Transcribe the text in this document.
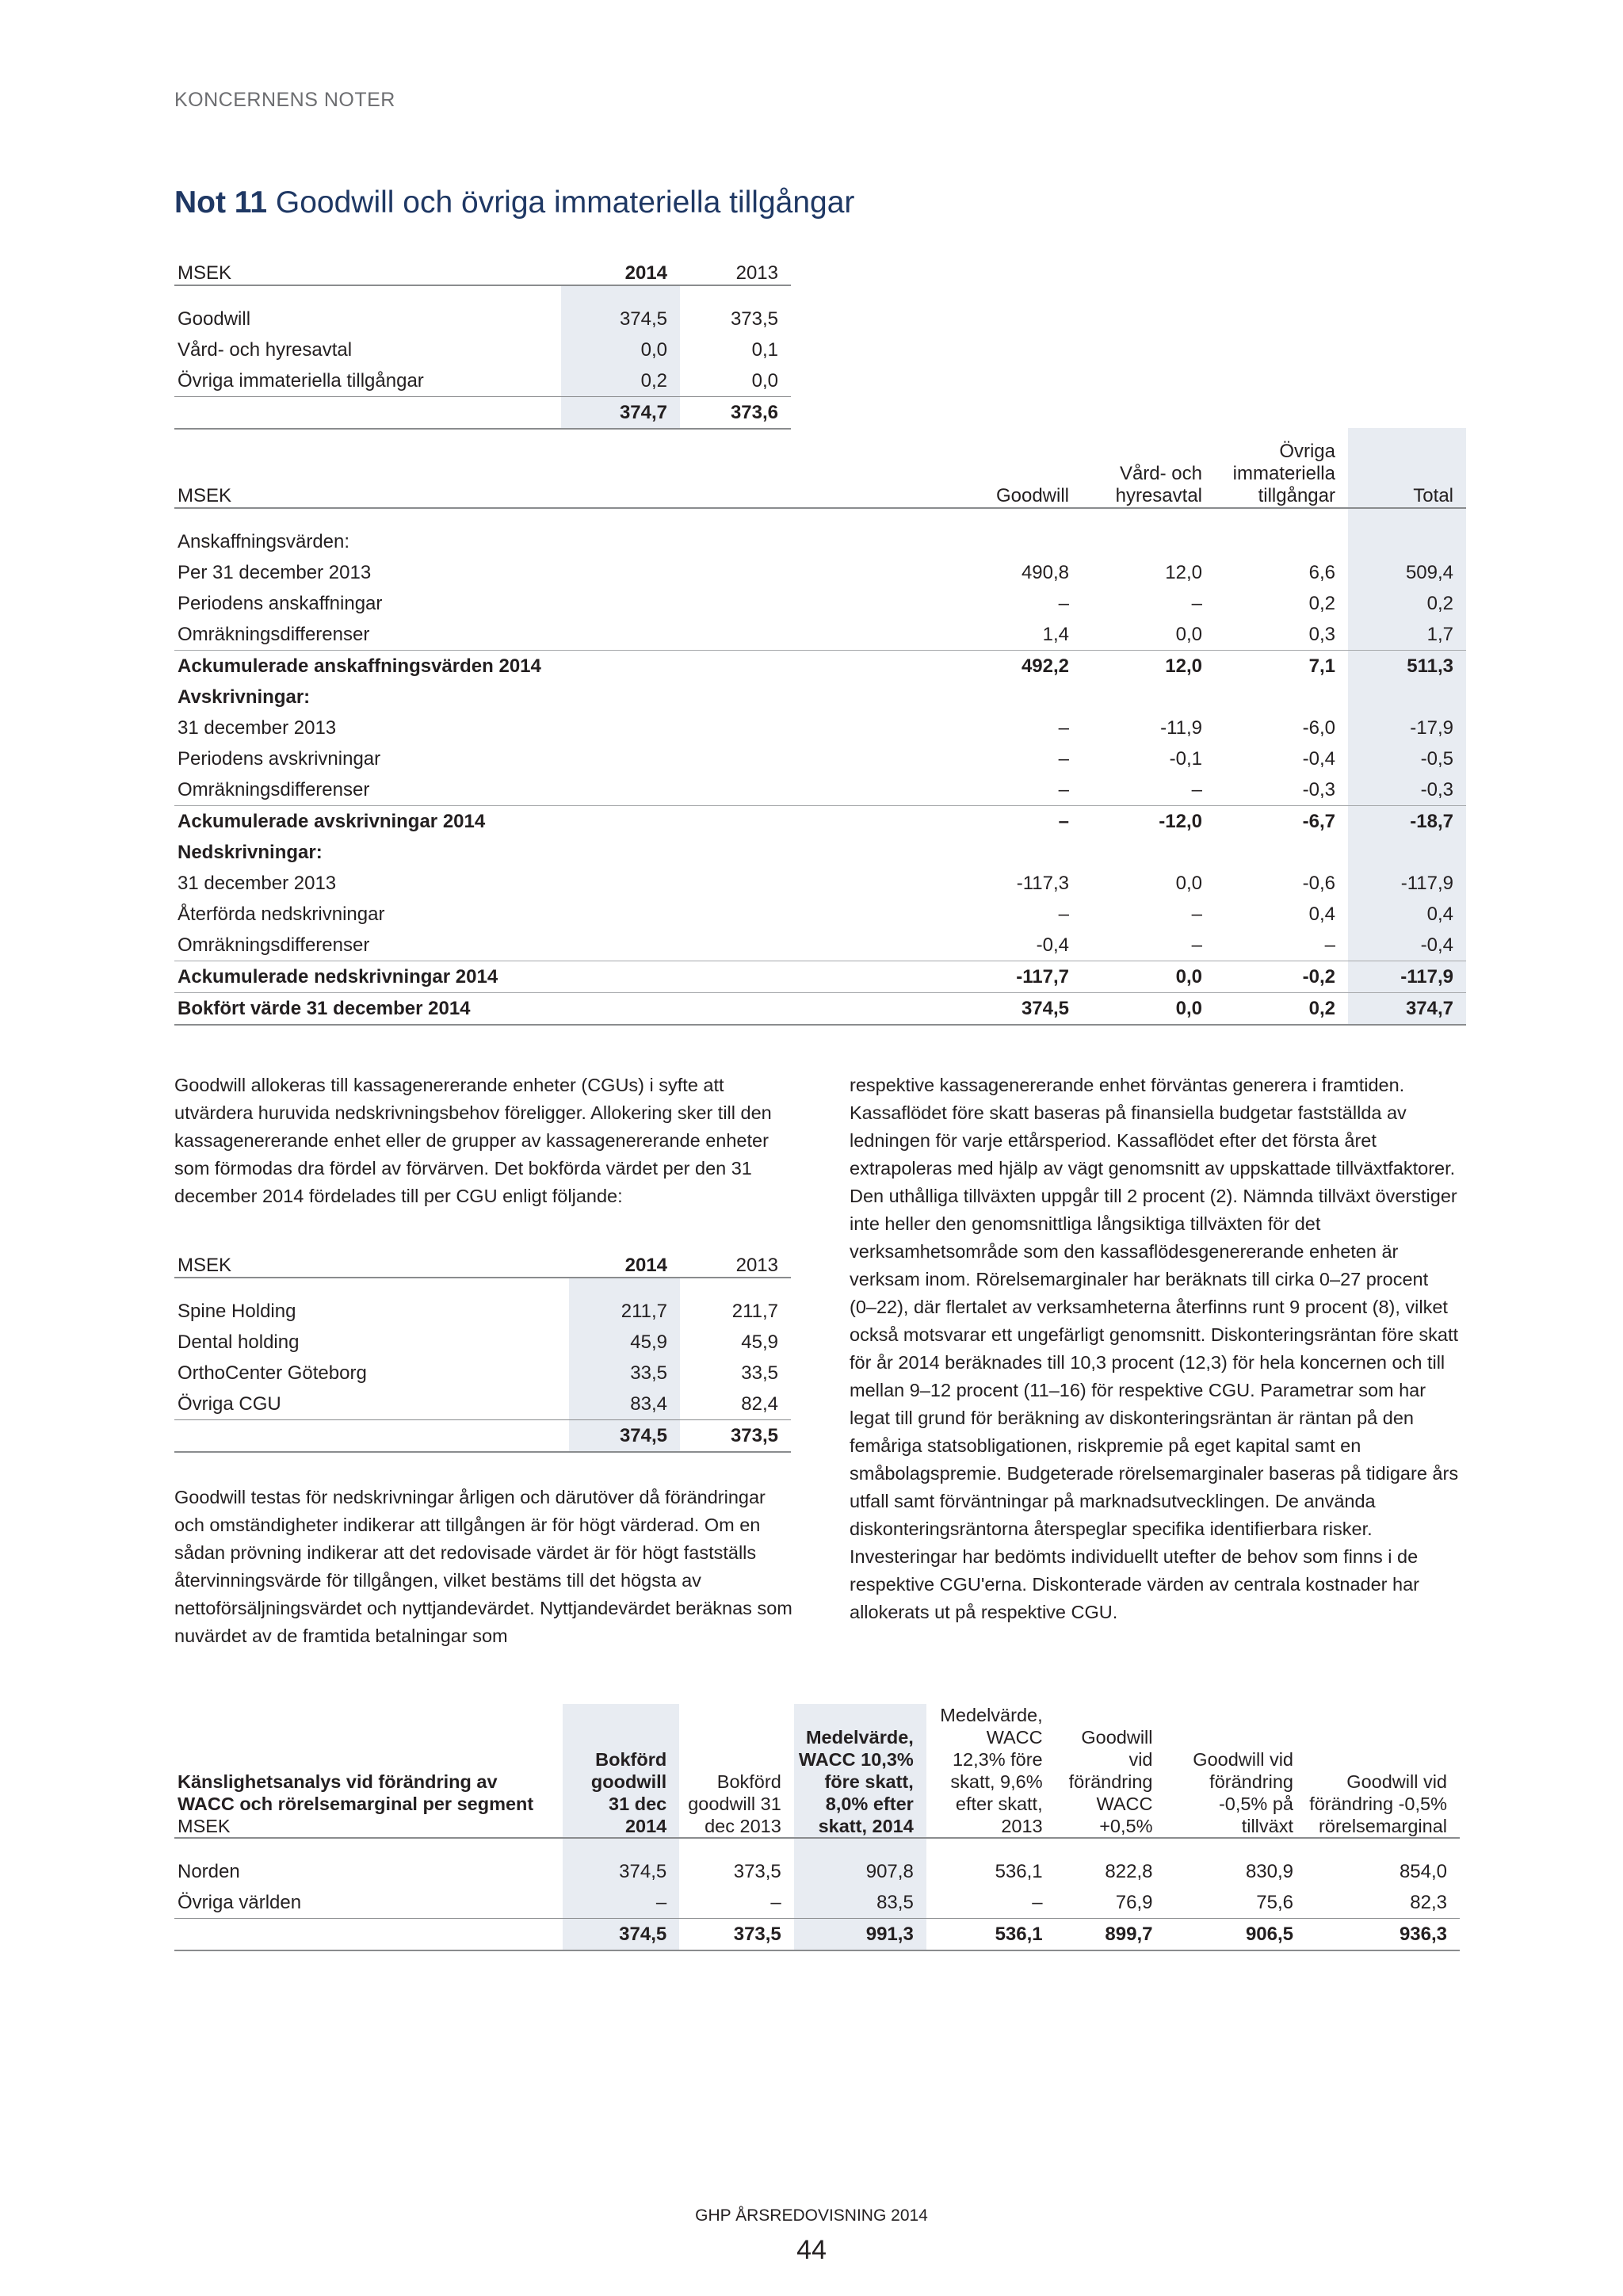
KONCERNENS NOTER
Not 11 Goodwill och övriga immateriella tillgångar
MSEK	2014	2013

Goodwill	374,5	373,5
Vård- och hyresavtal	0,0	0,1
Övriga immateriella tillgångar	0,2	0,0
	374,7	373,6
MSEK	Goodwill	Vård- och hyresavtal	Övriga immateriella tillgångar	Total

Anskaffningsvärden:				
Per 31 december 2013	490,8	12,0	6,6	509,4
Periodens anskaffningar	–	–	0,2	0,2
Omräkningsdifferenser	1,4	0,0	0,3	1,7
Ackumulerade anskaffningsvärden 2014	492,2	12,0	7,1	511,3
Avskrivningar:				
31 december 2013	–	-11,9	-6,0	-17,9
Periodens avskrivningar	–	-0,1	-0,4	-0,5
Omräkningsdifferenser	–	–	-0,3	-0,3
Ackumulerade avskrivningar 2014	–	-12,0	-6,7	-18,7
Nedskrivningar:				
31 december 2013	-117,3	0,0	-0,6	-117,9
Återförda nedskrivningar	–	–	0,4	0,4
Omräkningsdifferenser	-0,4	–	–	-0,4
Ackumulerade nedskrivningar 2014	-117,7	0,0	-0,2	-117,9
Bokfört värde 31 december 2014	374,5	0,0	0,2	374,7

Goodwill allokeras till kassagenererande enheter (CGUs) i syfte att utvärdera huruvida nedskrivningsbehov föreligger. Allokering sker till den kassagenererande enhet eller de grupper av kassagenererande enheter som förmodas dra fördel av förvärven. Det bokförda värdet per den 31 december 2014 fördelades till per CGU enligt följande:

MSEK	2014	2013

Spine Holding	211,7	211,7
Dental holding	45,9	45,9
OrthoCenter Göteborg	33,5	33,5
Övriga CGU	83,4	82,4
	374,5	373,5

Goodwill testas för nedskrivningar årligen och därutöver då förändringar och omständigheter indikerar att tillgången är för högt värderad. Om en sådan prövning indikerar att det redovisade värdet är för högt fastställs återvinningsvärde för tillgången, vilket bestäms till det högsta av nettoförsäljningsvärdet och nyttjandevärdet. Nyttjandevärdet beräknas som nuvärdet av de framtida betalningar som

respektive kassagenererande enhet förväntas generera i framtiden. Kassaflödet före skatt baseras på finansiella budgetar fastställda av ledningen för varje ettårsperiod. Kassaflödet efter det första året extrapoleras med hjälp av vägt genomsnitt av uppskattade tillväxtfaktorer. Den uthålliga tillväxten uppgår till 2 procent (2). Nämnda tillväxt överstiger inte heller den genomsnittliga långsiktiga tillväxten för det verksamhetsområde som den kassaflödesgenererande enheten är verksam inom. Rörelsemarginaler har beräknats till cirka 0–27 procent (0–22), där flertalet av verksamheterna återfinns runt 9 procent (8), vilket också motsvarar ett ungefärligt genomsnitt. Diskonteringsräntan före skatt för år 2014 beräknades till 10,3 procent (12,3) för hela koncernen och till mellan 9–12 procent (11–16) för respektive CGU. Parametrar som har legat till grund för beräkning av diskonteringsräntan är räntan på den femåriga statsobligationen, riskpremie på eget kapital samt en småbolagspremie. Budgeterade rörelsemarginaler baseras på tidigare års utfall samt förväntningar på marknadsutvecklingen. De använda diskonteringsräntorna återspeglar specifika identifierbara risker. Investeringar har bedömts individuellt utefter de behov som finns i de respektive CGU'erna. Diskonterade värden av centrala kostnader har allokerats ut på respektive CGU.

Känslighetsanalys vid förändring av WACC och rörelsemarginal per segment
MSEK	Bokförd goodwill 31 dec 2014	Bokförd goodwill 31 dec 2013	Medelvärde, WACC 10,3% före skatt, 8,0% efter skatt, 2014	Medelvärde, WACC 12,3% före skatt, 9,6% efter skatt, 2013	Goodwill vid förändring WACC +0,5%	Goodwill vid förändring -0,5% på tillväxt	Goodwill vid förändring -0,5% rörelsemarginal

Norden	374,5	373,5	907,8	536,1	822,8	830,9	854,0
Övriga världen	–	–	83,5	–	76,9	75,6	82,3
	374,5	373,5	991,3	536,1	899,7	906,5	936,3
GHP ÅRSREDOVISNING 2014
44
